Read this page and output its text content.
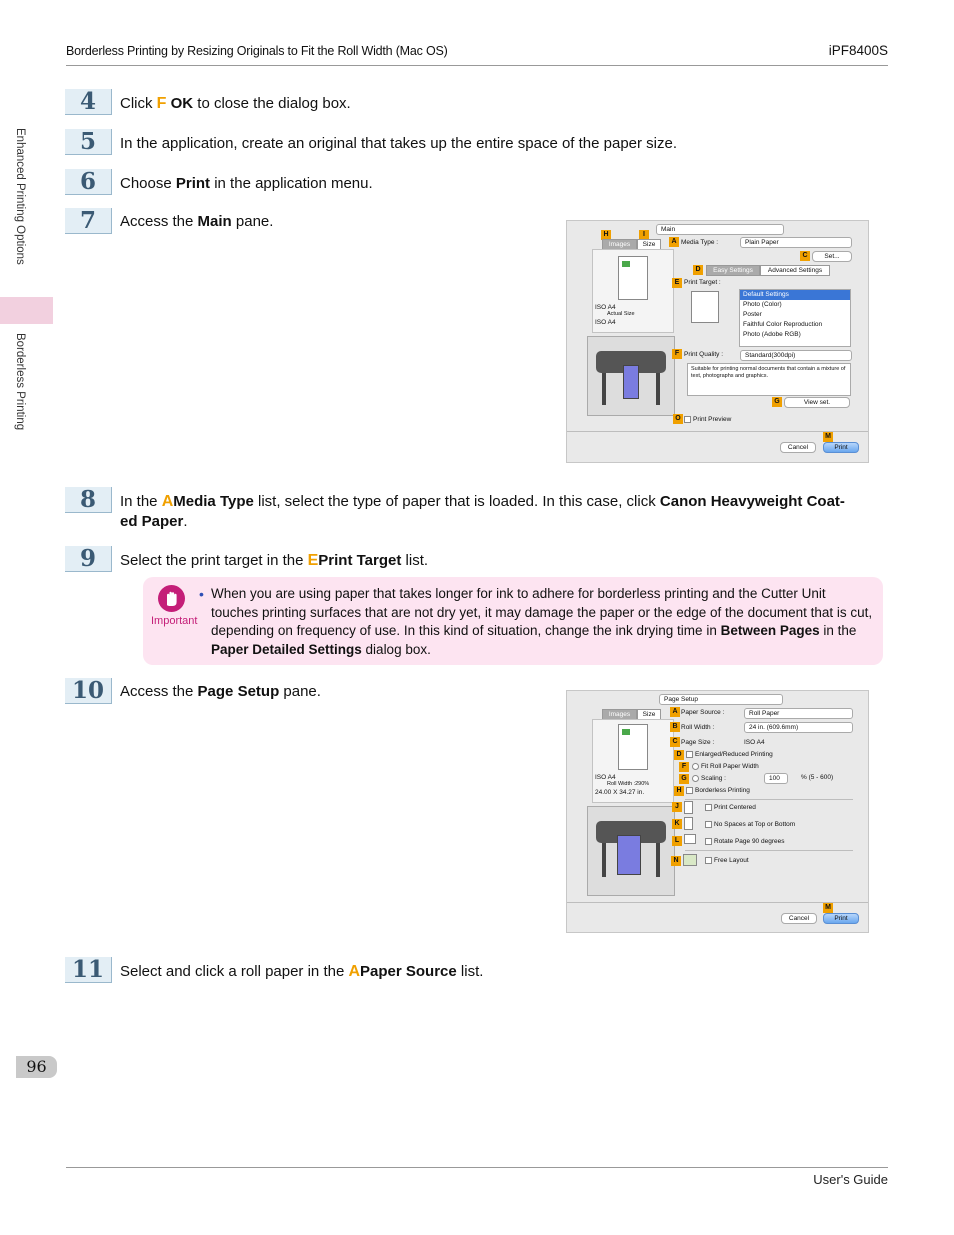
Borderless Printing by Resizing Originals to Fit the Roll Width (Mac OS)	iPF8400S
Enhanced Printing Options
Borderless Printing
4	Click F OK to close the dialog box.
5	In the application, create an original that takes up the entire space of the paper size.
6	Choose Print in the application menu.
7	Access the Main pane.	Main
H	I
Images	Size
ISO A4
Actual Size
ISO A4
A Media Type :	Plain Paper
C	Set...
D	Easy Settings	Advanced Settings
E Print Target :
Default Settings
Photo (Color)
Poster
Faithful Color Reproduction
Photo (Adobe RGB)
F Print Quality :	Standard(300dpi)
Suitable for printing normal documents that contain a mixture of text, photographs and graphics.
G	View set.
O	Print Preview
M
Cancel	Print
8	In the AMedia Type list, select the type of paper that is loaded. In this case, click Canon Heavyweight Coat-
ed Paper.
9	Select the print target in the EPrint Target list.
Important
• When you are using paper that takes longer for ink to adhere for borderless printing and the Cutter Unit touches printing surfaces that are not dry yet, it may damage the paper or the edge of the document that is cut, depending on frequency of use. In this kind of situation, change the ink drying time in Between Pages in the Paper Detailed Settings dialog box.
10	Access the Page Setup pane.	Page Setup
Images	Size
ISO A4
Roll Width :290%
24.00 X 34.27 in.
A Paper Source :	Roll Paper
B Roll Width :	24 in. (609.6mm)
C Page Size :	ISO A4
D	Enlarged/Reduced Printing
F	Fit Roll Paper Width
G	Scaling :	100	% (5 - 600)
H	Borderless Printing
J	Print Centered
K	No Spaces at Top or Bottom
L	Rotate Page 90 degrees
N	Free Layout
M
Cancel	Print
11	Select and click a roll paper in the APaper Source list.
96
User's Guide
